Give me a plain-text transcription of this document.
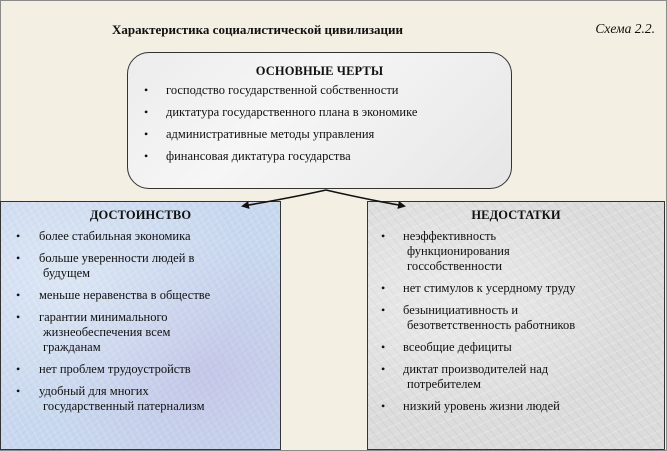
Характеристика социалистической цивилизации	Схема 2.2.
ОСНОВНЫЕ ЧЕРТЫ
• господство государственной собственности
• диктатура государственного плана в экономике
• административные методы управления
• финансовая диктатура государства
ДОСТОИНСТВО
• более стабильная экономика
• больше уверенности людей в
будущем
• меньше неравенства в обществе
• гарантии минимального
жизнеобеспечения всем
гражданам
• нет проблем трудоустройств
• удобный для многих
государственный патернализм
НЕДОСТАТКИ
• неэффективность
функционирования
госсобственности
• нет стимулов к усердному труду
• безынициативность и
безответственность работников
• всеобщие дефициты
• диктат производителей над
потребителем
• низкий уровень жизни людей
